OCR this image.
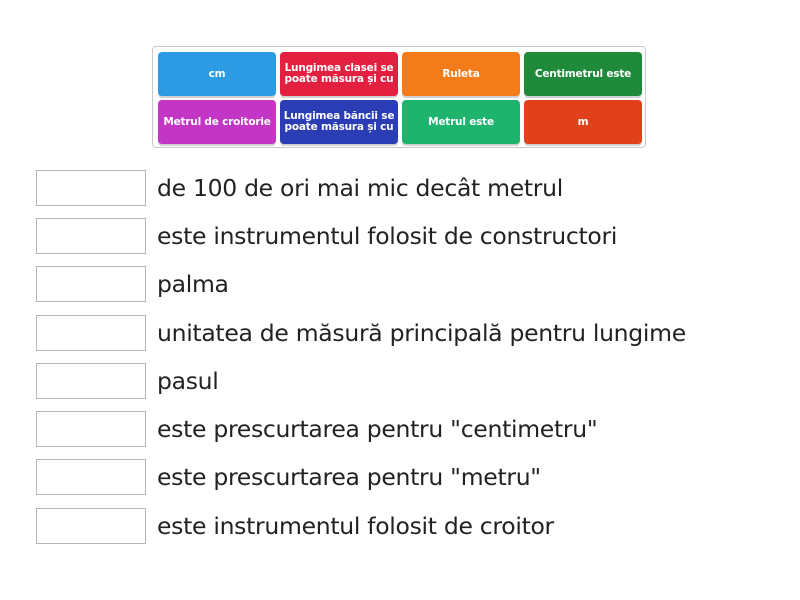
cm	Lungimea clasei se poate măsura și cu	Ruleta	Centimetrul este
Metrul de croitorie	Lungimea băncii se poate măsura și cu	Metrul este	m
de 100 de ori mai mic decât metrul
este instrumentul folosit de constructori
palma
unitatea de măsură principală pentru lungime
pasul
este prescurtarea pentru "centimetru"
este prescurtarea pentru "metru"
este instrumentul folosit de croitor
